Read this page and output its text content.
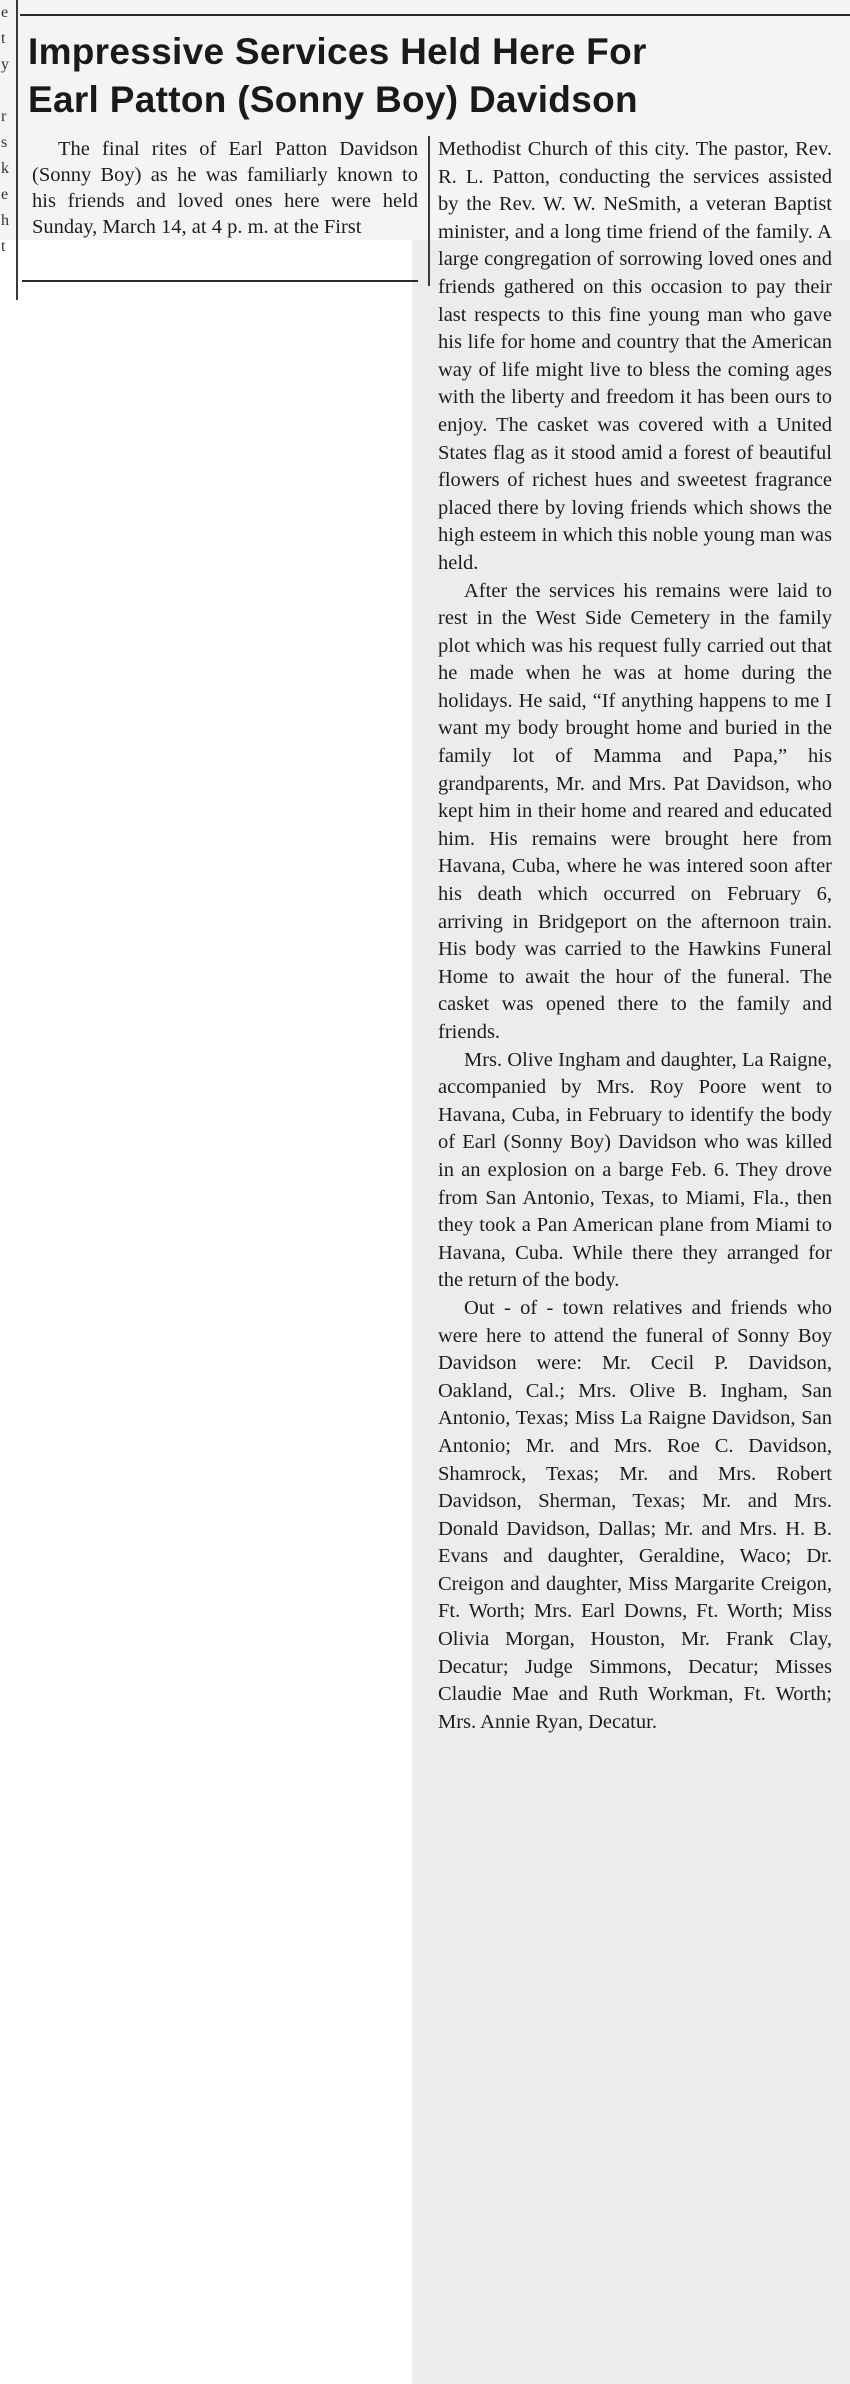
e
t
y

r
s
k
e
h
t
Impressive Services Held Here For
Earl Patton (Sonny Boy) Davidson
The final rites of Earl Patton Davidson (Sonny Boy) as he was familiarly known to his friends and loved ones here were held Sunday, March 14, at 4 p. m. at the First

Methodist Church of this city. The pastor, Rev. R. L. Patton, conducting the services assisted by the Rev. W. W. NeSmith, a veteran Baptist minister, and a long time friend of the family. A large congregation of sorrowing loved ones and friends gathered on this occasion to pay their last respects to this fine young man who gave his life for home and country that the American way of life might live to bless the coming ages with the liberty and freedom it has been ours to enjoy. The casket was covered with a United States flag as it stood amid a forest of beautiful flowers of richest hues and sweetest fragrance placed there by loving friends which shows the high esteem in which this noble young man was held.

After the services his remains were laid to rest in the West Side Cemetery in the family plot which was his request fully carried out that he made when he was at home during the holidays. He said, “If anything happens to me I want my body brought home and buried in the family lot of Mamma and Papa,” his grandparents, Mr. and Mrs. Pat Davidson, who kept him in their home and reared and educated him. His remains were brought here from Havana, Cuba, where he was intered soon after his death which occurred on February 6, arriving in Bridgeport on the afternoon train. His body was carried to the Hawkins Funeral Home to await the hour of the funeral. The casket was opened there to the family and friends.

Mrs. Olive Ingham and daughter, La Raigne, accompanied by Mrs. Roy Poore went to Havana, Cuba, in February to identify the body of Earl (Sonny Boy) Davidson who was killed in an explosion on a barge Feb. 6. They drove from San Antonio, Texas, to Miami, Fla., then they took a Pan American plane from Miami to Havana, Cuba. While there they arranged for the return of the body.

Out - of - town relatives and friends who were here to attend the funeral of Sonny Boy Davidson were: Mr. Cecil P. Davidson, Oakland, Cal.; Mrs. Olive B. Ingham, San Antonio, Texas; Miss La Raigne Davidson, San Antonio; Mr. and Mrs. Roe C. Davidson, Shamrock, Texas; Mr. and Mrs. Robert Davidson, Sherman, Texas; Mr. and Mrs. Donald Davidson, Dallas; Mr. and Mrs. H. B. Evans and daughter, Geraldine, Waco; Dr. Creigon and daughter, Miss Margarite Creigon, Ft. Worth; Mrs. Earl Downs, Ft. Worth; Miss Olivia Morgan, Houston, Mr. Frank Clay, Decatur; Judge Simmons, Decatur; Misses Claudie Mae and Ruth Workman, Ft. Worth; Mrs. Annie Ryan, Decatur.
